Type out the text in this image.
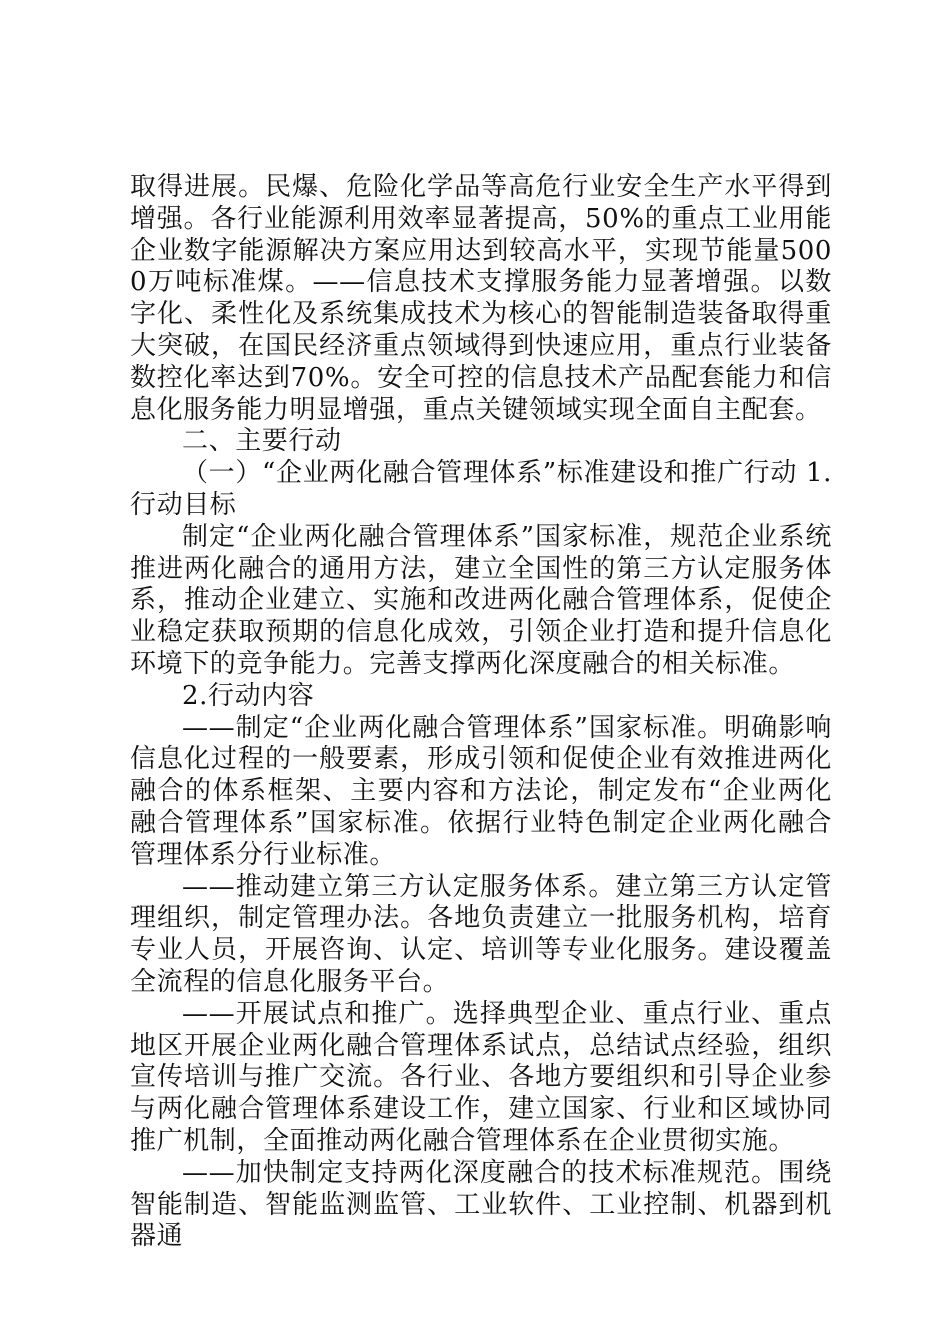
取得进展。民爆、危险化学品等高危行业安全生产水平得到增强。各行业能源利用效率显著提高，50%的重点工业用能企业数字能源解决方案应用达到较高水平，实现节能量5000万吨标准煤。——信息技术支撑服务能力显著增强。以数字化、柔性化及系统集成技术为核心的智能制造装备取得重大突破，在国民经济重点领域得到快速应用，重点行业装备数控化率达到70%。安全可控的信息技术产品配套能力和信息化服务能力明显增强，重点关键领域实现全面自主配套。

二、主要行动

（一）“企业两化融合管理体系”标准建设和推广行动 1.行动目标

制定“企业两化融合管理体系”国家标准，规范企业系统推进两化融合的通用方法，建立全国性的第三方认定服务体系，推动企业建立、实施和改进两化融合管理体系，促使企业稳定获取预期的信息化成效，引领企业打造和提升信息化环境下的竞争能力。完善支撑两化深度融合的相关标准。

2.行动内容

——制定“企业两化融合管理体系”国家标准。明确影响信息化过程的一般要素，形成引领和促使企业有效推进两化融合的体系框架、主要内容和方法论，制定发布“企业两化融合管理体系”国家标准。依据行业特色制定企业两化融合管理体系分行业标准。

——推动建立第三方认定服务体系。建立第三方认定管理组织，制定管理办法。各地负责建立一批服务机构，培育专业人员，开展咨询、认定、培训等专业化服务。建设覆盖全流程的信息化服务平台。

——开展试点和推广。选择典型企业、重点行业、重点地区开展企业两化融合管理体系试点，总结试点经验，组织宣传培训与推广交流。各行业、各地方要组织和引导企业参与两化融合管理体系建设工作，建立国家、行业和区域协同推广机制，全面推动两化融合管理体系在企业贯彻实施。

——加快制定支持两化深度融合的技术标准规范。围绕智能制造、智能监测监管、工业软件、工业控制、机器到机器通
